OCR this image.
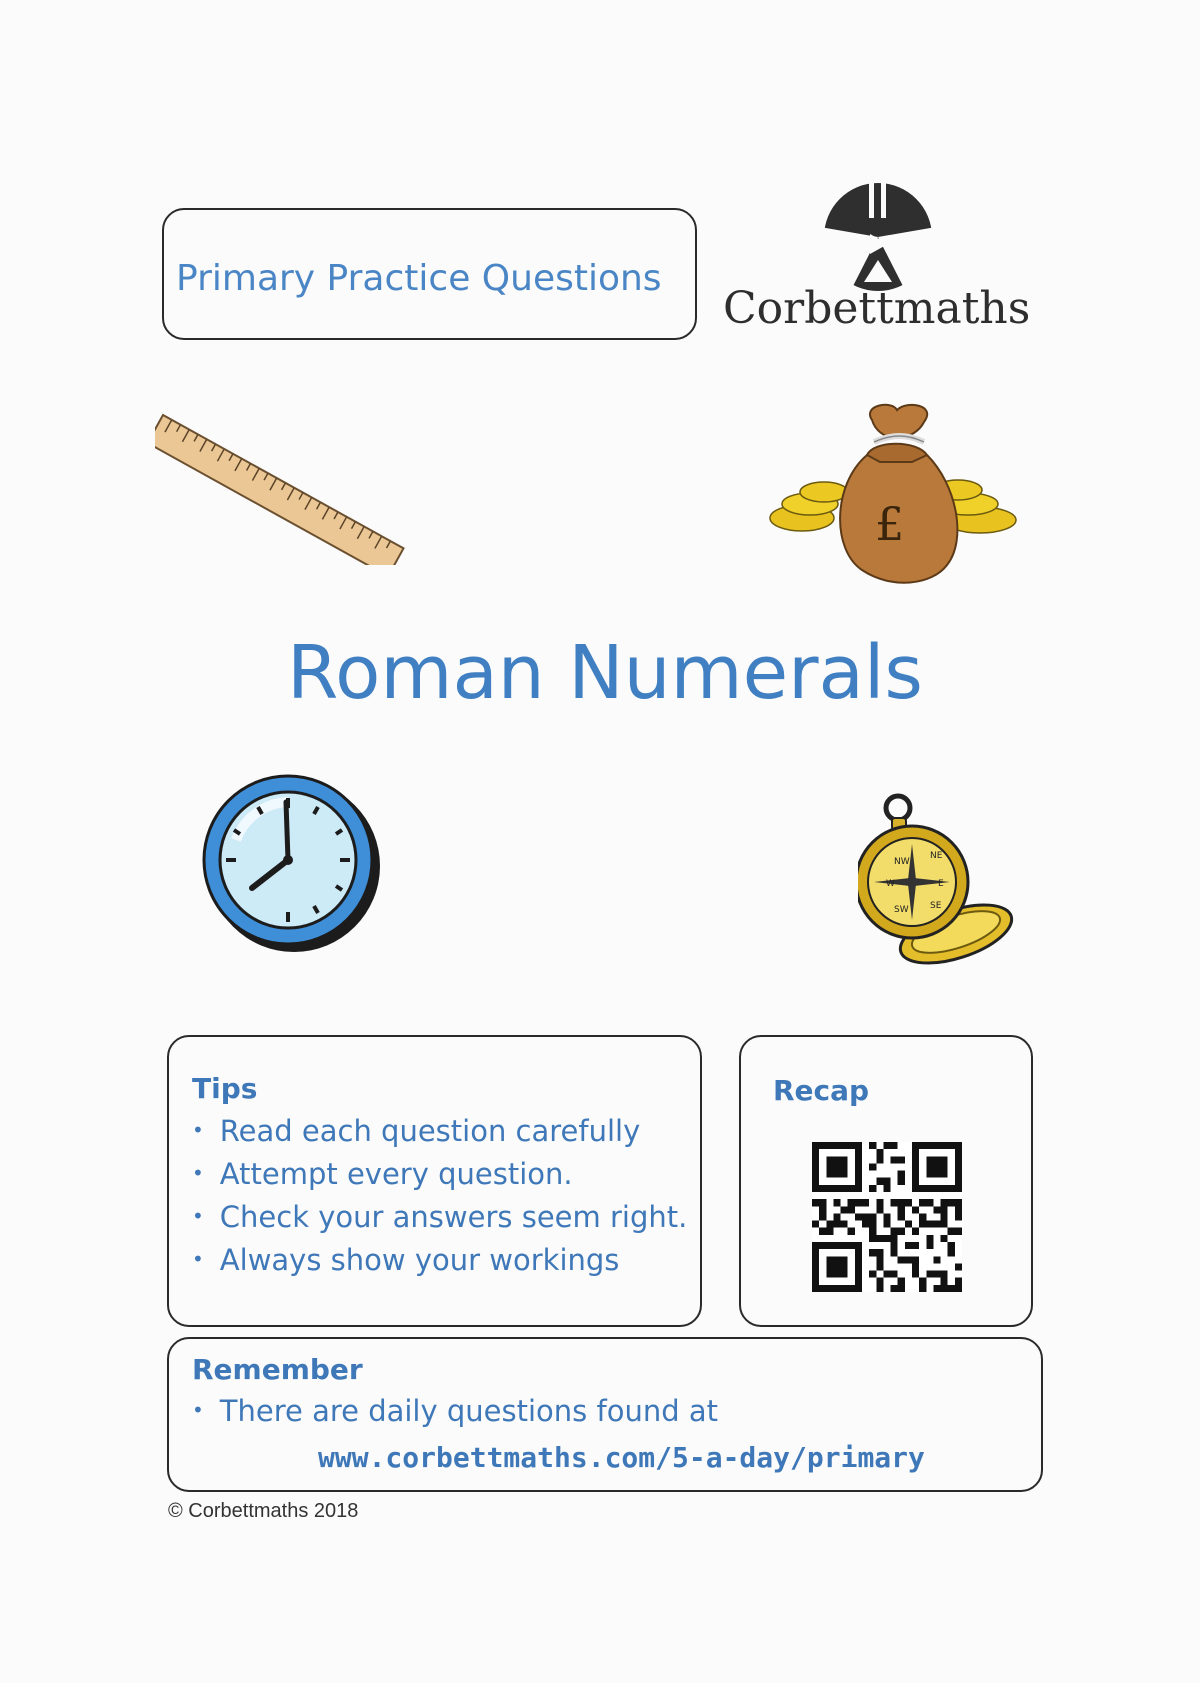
Primary Practice Questions
Corbettmaths
£
Roman Numerals
NE
E
W
NW
SW SE
Tips
• Read each question carefully
• Attempt every question.
• Check your answers seem right.
• Always show your workings
Recap
Remember
• There are daily questions found at
www.corbettmaths.com/5-a-day/primary
© Corbettmaths 2018
